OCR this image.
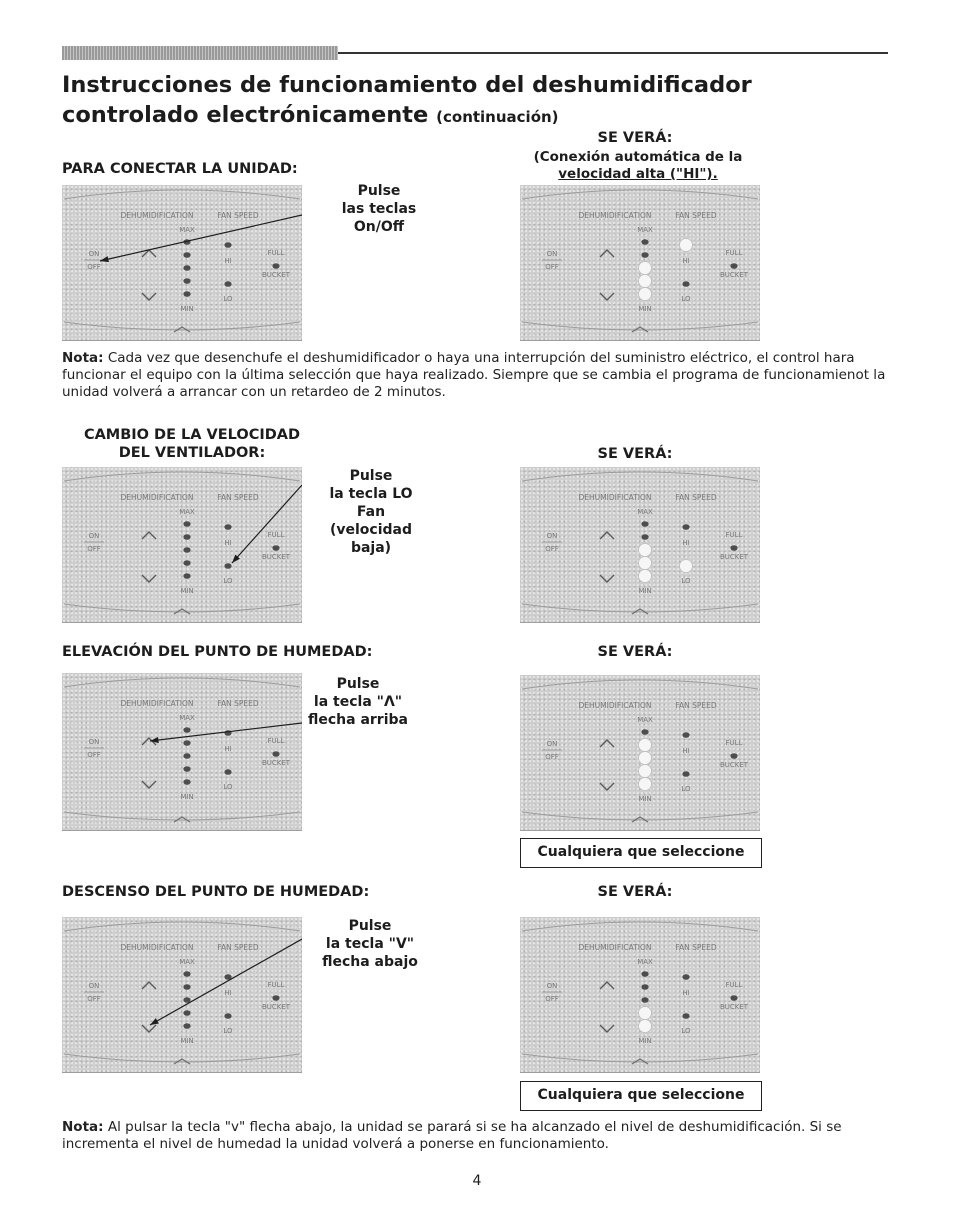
Instrucciones de funcionamiento del deshumidificador controlado electrónicamente (continuación)
PARA CONECTAR LA UNIDAD:
SE VERÁ:
(Conexión automática de la
velocidad alta ("HI").
Pulse
las teclas
On/Off
DEHUMIDIFICATION	FAN SPEED
MAX
MIN
ON
OFF
HI
LO
FULL
BUCKET
DEHUMIDIFICATION	FAN SPEED
MAX
MIN
ON
OFF
HI
LO
FULL
BUCKET
Nota: Cada vez que desenchufe el deshumidificador o haya una interrupción del suministro eléctrico, el control hara funcionar el equipo con la última selección que haya realizado. Siempre que se cambia el programa de funcionamienot la unidad volverá a arrancar con un retardeo de 2 minutos.
CAMBIO DE LA VELOCIDAD
DEL VENTILADOR:	SE VERÁ:
Pulse
la tecla LO
Fan
(velocidad
baja)
DEHUMIDIFICATION	FAN SPEED
MAX
MIN
ON
OFF
HI
LO
FULL
BUCKET
DEHUMIDIFICATION	FAN SPEED
MAX
MIN
ON
OFF
HI
LO
FULL
BUCKET
ELEVACIÓN DEL PUNTO DE HUMEDAD:	SE VERÁ:
Pulse
la tecla "Λ"
flecha arriba
DEHUMIDIFICATION	FAN SPEED
MAX
MIN
ON
OFF
HI
LO
FULL
BUCKET
DEHUMIDIFICATION	FAN SPEED
MAX
MIN
ON
OFF
HI
LO
FULL
BUCKET
Cualquiera que seleccione
DESCENSO DEL PUNTO DE HUMEDAD:	SE VERÁ:
Pulse
la tecla "V"
flecha abajo
DEHUMIDIFICATION	FAN SPEED
MAX
MIN
ON
OFF
HI
LO
FULL
BUCKET
DEHUMIDIFICATION	FAN SPEED
MAX
MIN
ON
OFF
HI
LO
FULL
BUCKET
Cualquiera que seleccione
Nota: Al pulsar la tecla "v" flecha abajo, la unidad se parará si se ha alcanzado el nivel de deshumidificación. Si se incrementa el nivel de humedad la unidad volverá a ponerse en funcionamiento.
4
